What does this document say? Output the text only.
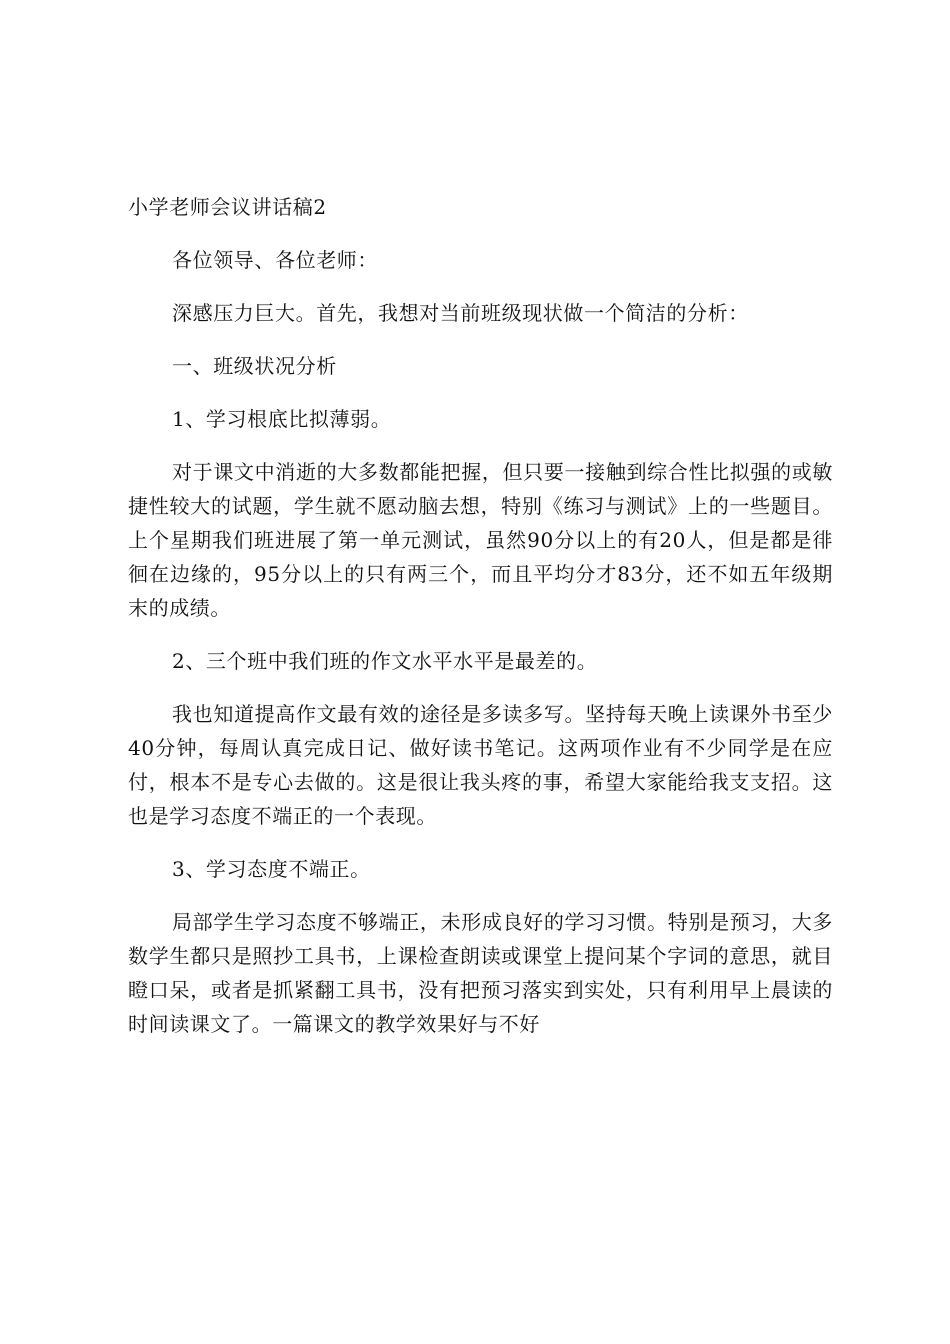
小学老师会议讲话稿2

各位领导、各位老师：

深感压力巨大。首先，我想对当前班级现状做一个简洁的分析：

一、班级状况分析

1、学习根底比拟薄弱。

对于课文中消逝的大多数都能把握，但只要一接触到综合性比拟强的或敏捷性较大的试题，学生就不愿动脑去想，特别《练习与测试》上的一些题目。上个星期我们班进展了第一单元测试，虽然90分以上的有20人，但是都是徘徊在边缘的，95分以上的只有两三个，而且平均分才83分，还不如五年级期末的成绩。

2、三个班中我们班的作文水平水平是最差的。

我也知道提高作文最有效的途径是多读多写。坚持每天晚上读课外书至少40分钟，每周认真完成日记、做好读书笔记。这两项作业有不少同学是在应付，根本不是专心去做的。这是很让我头疼的事，希望大家能给我支支招。这也是学习态度不端正的一个表现。

3、学习态度不端正。

局部学生学习态度不够端正，未形成良好的学习习惯。特别是预习，大多数学生都只是照抄工具书，上课检查朗读或课堂上提问某个字词的意思，就目瞪口呆，或者是抓紧翻工具书，没有把预习落实到实处，只有利用早上晨读的时间读课文了。一篇课文的教学效果好与不好
